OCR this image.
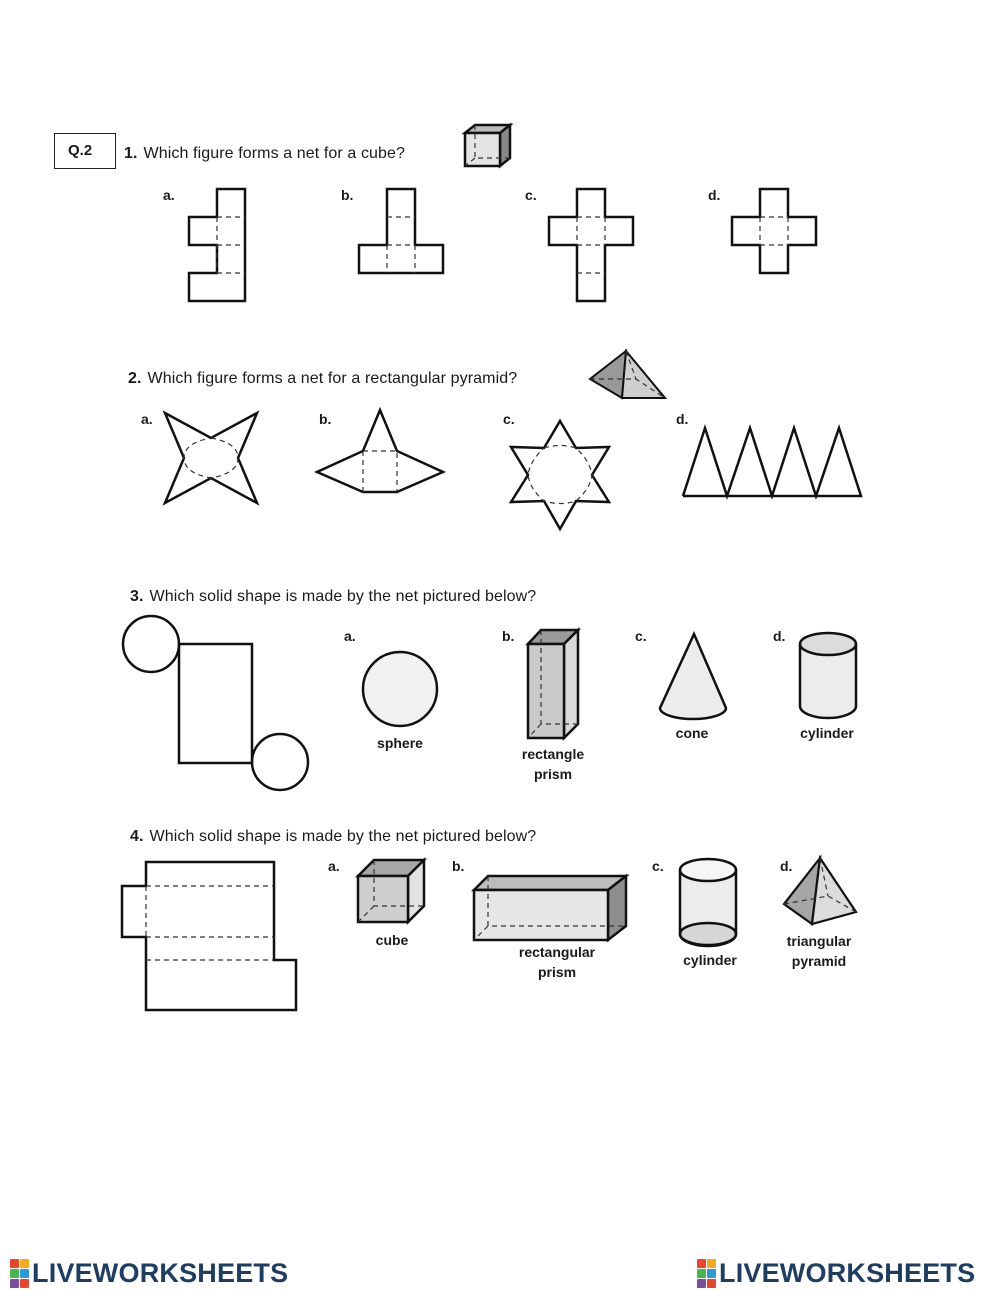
Q.2	1. Which figure forms a net for a cube?
a.	b.	c.	d.
2. Which figure forms a net for a rectangular pyramid?
a.	b.	c.	d.
3. Which solid shape is made by the net pictured below?
a.
sphere
b.
rectangle
prism
c.
cone
d.
cylinder
4. Which solid shape is made by the net pictured below?
a.
cube
b.
rectangular
prism
c.
cylinder
d.
triangular
pyramid
LIVEWORKSHEETS	LIVEWORKSHEETS
